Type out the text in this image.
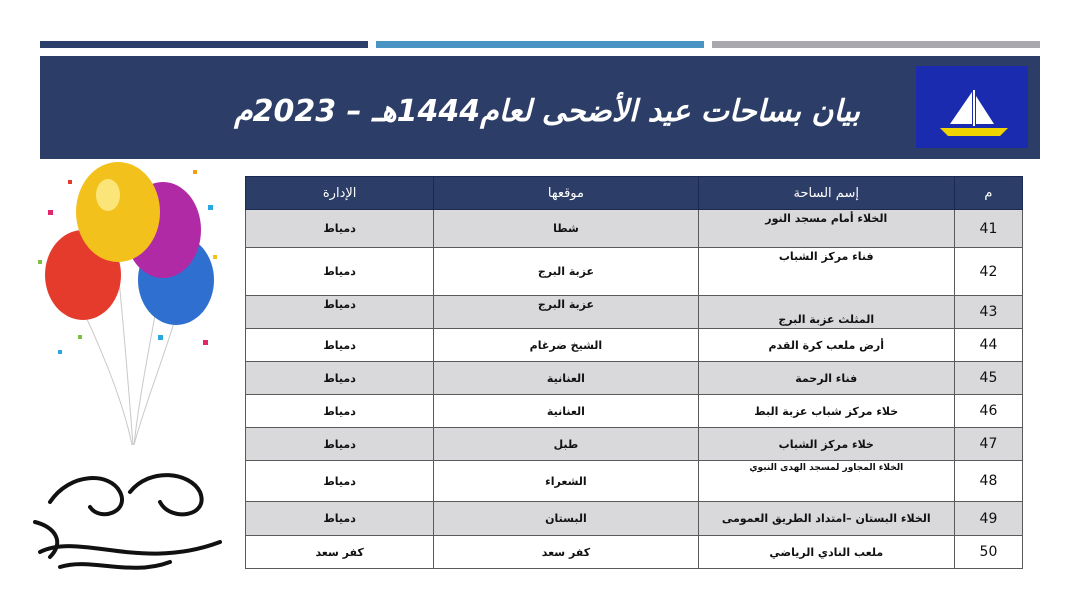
بيان بساحات عيد الأضحى لعام1444هـ – 2023م
م	إسم الساحة	موقعها	الإدارة
41	الخلاء أمام مسجد النور	شطا	دمياط
42	فناء مركز الشباب	عزبة البرج	دمياط
43	المثلث عزبة البرج	عزبة البرج	دمياط
44	أرض ملعب كرة القدم	الشيخ ضرغام	دمياط
45	فناء الرحمة	العنانية	دمياط
46	خلاء مركز شباب عزبة البط	العنانية	دمياط
47	خلاء مركز الشباب	طبل	دمياط
48	الخلاء المجاور لمسجد الهدى النبوي	الشعراء	دمياط
49	الخلاء البستان –امتداد الطريق العمومى	البستان	دمياط
50	ملعب النادي الرياضي	كفر سعد	كفر سعد
